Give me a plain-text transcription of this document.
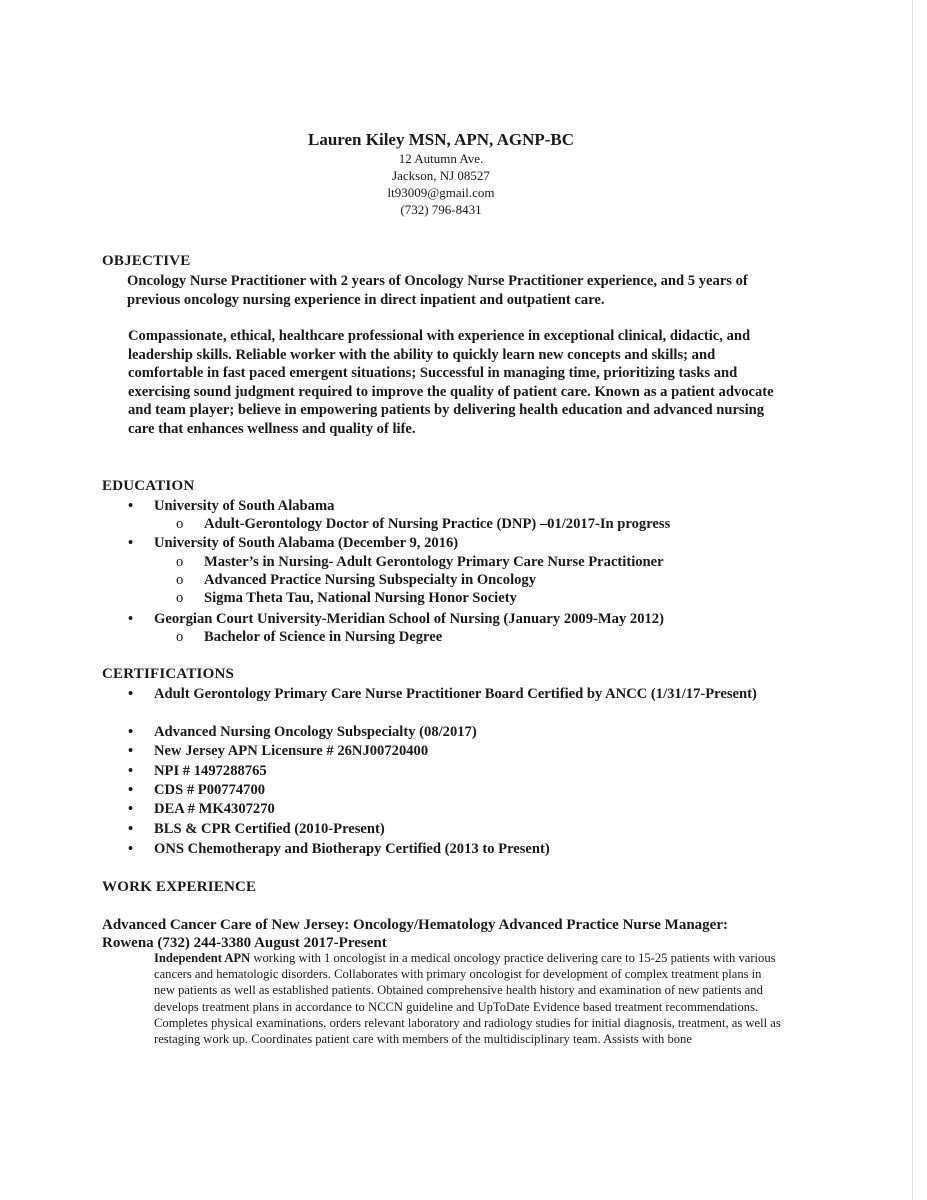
Lauren Kiley MSN, APN, AGNP-BC
12 Autumn Ave.
Jackson, NJ 08527
lt93009@gmail.com
(732) 796-8431
OBJECTIVE
Oncology Nurse Practitioner with 2 years of Oncology Nurse Practitioner experience, and 5 years of previous oncology nursing experience in direct inpatient and outpatient care.
Compassionate, ethical, healthcare professional with experience in exceptional clinical, didactic, and leadership skills. Reliable worker with the ability to quickly learn new concepts and skills; and comfortable in fast paced emergent situations; Successful in managing time, prioritizing tasks and exercising sound judgment required to improve the quality of patient care. Known as a patient advocate and team player; believe in empowering patients by delivering health education and advanced nursing care that enhances wellness and quality of life.
EDUCATION
•	University of South Alabama
o Adult-Gerontology Doctor of Nursing Practice (DNP) –01/2017-In progress
•	University of South Alabama (December 9, 2016)
o Master’s in Nursing- Adult Gerontology Primary Care Nurse Practitioner
o Advanced Practice Nursing Subspecialty in Oncology
o Sigma Theta Tau, National Nursing Honor Society
•	Georgian Court University-Meridian School of Nursing (January 2009-May 2012)
o Bachelor of Science in Nursing Degree
CERTIFICATIONS
• Adult Gerontology Primary Care Nurse Practitioner Board Certified by ANCC (1/31/17-Present)
• Advanced Nursing Oncology Subspecialty (08/2017)
• New Jersey APN Licensure # 26NJ00720400
• NPI # 1497288765
• CDS # P00774700
• DEA # MK4307270
• BLS & CPR Certified (2010-Present)
• ONS Chemotherapy and Biotherapy Certified (2013 to Present)
WORK EXPERIENCE
Advanced Cancer Care of New Jersey: Oncology/Hematology Advanced Practice Nurse Manager: Rowena (732) 244-3380 August 2017-Present
Independent APN working with 1 oncologist in a medical oncology practice delivering care to 15-25 patients with various cancers and hematologic disorders. Collaborates with primary oncologist for development of complex treatment plans in new patients as well as established patients. Obtained comprehensive health history and examination of new patients and develops treatment plans in accordance to NCCN guideline and UpToDate Evidence based treatment recommendations. Completes physical examinations, orders relevant laboratory and radiology studies for initial diagnosis, treatment, as well as restaging work up. Coordinates patient care with members of the multidisciplinary team. Assists with bone
